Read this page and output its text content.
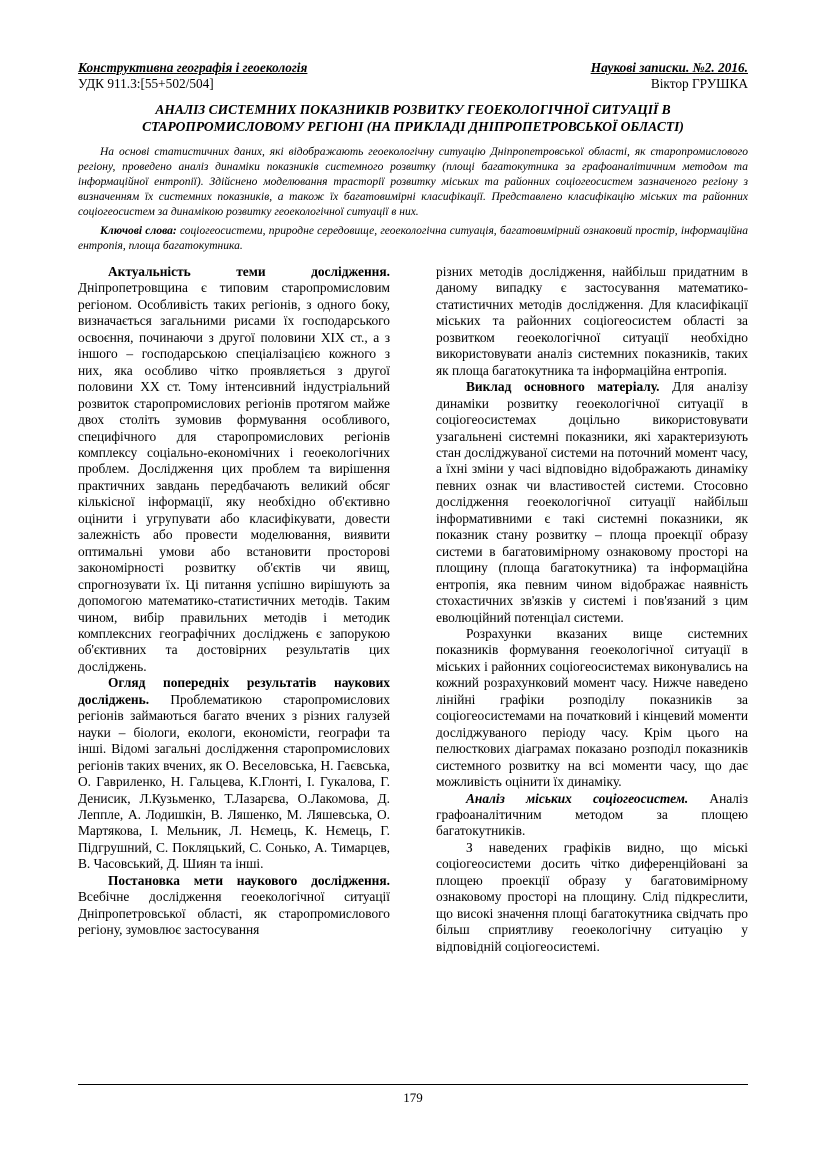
Конструктивна географія і геоекологія	Наукові записки. №2. 2016.
УДК 911.3:[55+502/504]	Віктор ГРУШКА
АНАЛІЗ СИСТЕМНИХ ПОКАЗНИКІВ РОЗВИТКУ ГЕОЕКОЛОГІЧНОЇ СИТУАЦІЇ В
СТАРОПРОМИСЛОВОМУ РЕГІОНІ (НА ПРИКЛАДІ ДНІПРОПЕТРОВСЬКОЇ ОБЛАСТІ)
На основі статистичних даних, які відображають геоекологічну ситуацію Дніпропетровської області, як старопромислового регіону, проведено аналіз динаміки показників системного розвитку (площі багатокутника за графоаналітичним методом та інформаційної ентропії). Здійснено моделювання трасторії розвитку міських та районних соціогеосистем зазначеного регіону з визначенням їх системних показників, а також їх багатовимірні класифікації. Представлено класифікацію міських та районних соціогеосистем за динамікою розвитку геоекологічної ситуації в них.
Ключові слова: соціогеосистеми, природне середовище, геоекологічна ситуація, багатовимірний ознаковий простір, інформаційна ентропія, площа багатокутника.

Актуальність теми дослідження. Дніпропетровщина є типовим старопромисловим регіоном. Особливість таких регіонів, з одного боку, визначається загальними рисами їх господарського освоєння, починаючи з другої половини XIX ст., а з іншого – господарською спеціалізацією кожного з них, яка особливо чітко проявляється з другої половини XX ст. Тому інтенсивний індустріальний розвиток старопромислових регіонів протягом майже двох століть зумовив формування особливого, специфічного для старопромислових регіонів комплексу соціально-економічних і геоекологічних проблем. Дослідження цих проблем та вирішення практичних завдань передбачають великий обсяг кількісної інформації, яку необхідно об'єктивно оцінити і угрупувати або класифікувати, довести залежність або провести моделювання, виявити оптимальні умови або встановити просторові закономірності розвитку об'єктів чи явищ, спрогнозувати їх. Ці питання успішно вирішують за допомогою математико-статистичних методів. Таким чином, вибір правильних методів і методик комплексних географічних досліджень є запорукою об'єктивних та достовірних результатів цих досліджень.

Огляд попередніх результатів наукових досліджень. Проблематикою старопромислових регіонів займаються багато вчених з різних галузей науки – біологи, екологи, економісти, географи та інші. Відомі загальні дослідження старопромислових регіонів таких вчених, як О. Веселовська, Н. Гаєвська, О. Гавриленко, Н. Гальцева, К.Глонті, І. Гукалова, Г. Денисик, Л.Кузьменко, Т.Лазарєва, О.Лакомова, Д. Леппле, А. Лодишкін, В. Ляшенко, М. Ляшевська, О. Мартякова, І. Мельник, Л. Нємець, К. Нємець, Г. Підгрушний, С. Покляцький, С. Сонько, А. Тимарцев, В. Часовський, Д. Шиян та інші.

Постановка мети наукового дослідження. Всебічне дослідження геоекологічної ситуації Дніпропетровської області, як старопромислового регіону, зумовлює застосування

різних методів дослідження, найбільш придатним в даному випадку є застосування математико-статистичних методів дослідження. Для класифікації міських та районних соціогеосистем області за розвитком геоекологічної ситуації необхідно використовувати аналіз системних показників, таких як площа багатокутника та інформаційна ентропія.

Виклад основного матеріалу. Для аналізу динаміки розвитку геоекологічної ситуації в соціогеосистемах доцільно використовувати узагальнені системні показники, які характеризують стан досліджуваної системи на поточний момент часу, а їхні зміни у часі відповідно відображають динаміку певних ознак чи властивостей системи. Стосовно дослідження геоекологічної ситуації найбільш інформативними є такі системні показники, як показник стану розвитку – площа проекції образу системи в багатовимірному ознаковому просторі на площину (площа багатокутника) та інформаційна ентропія, яка певним чином відображає наявність стохастичних зв'язків у системі і пов'язаний з цим еволюційний потенціал системи.

Розрахунки вказаних вище системних показників формування геоекологічної ситуації в міських і районних соціогеосистемах виконувались на кожний розрахунковий момент часу. Нижче наведено лінійні графіки розподілу показників за соціогеосистемами на початковий і кінцевий моменти досліджуваного періоду часу. Крім цього на пелюсткових діаграмах показано розподіл показників системного розвитку на всі моменти часу, що дає можливість оцінити їх динаміку.

Аналіз міських соціогеосистем. Аналіз графоаналітичним методом за площею багатокутників.

З наведених графіків видно, що міські соціогеосистеми досить чітко диференційовані за площею проекції образу у багатовимірному ознаковому просторі на площину. Слід підкреслити, що високі значення площі багатокутника свідчать про більш сприятливу геоекологічну ситуацію у відповідній соціогеосистемі.

179
